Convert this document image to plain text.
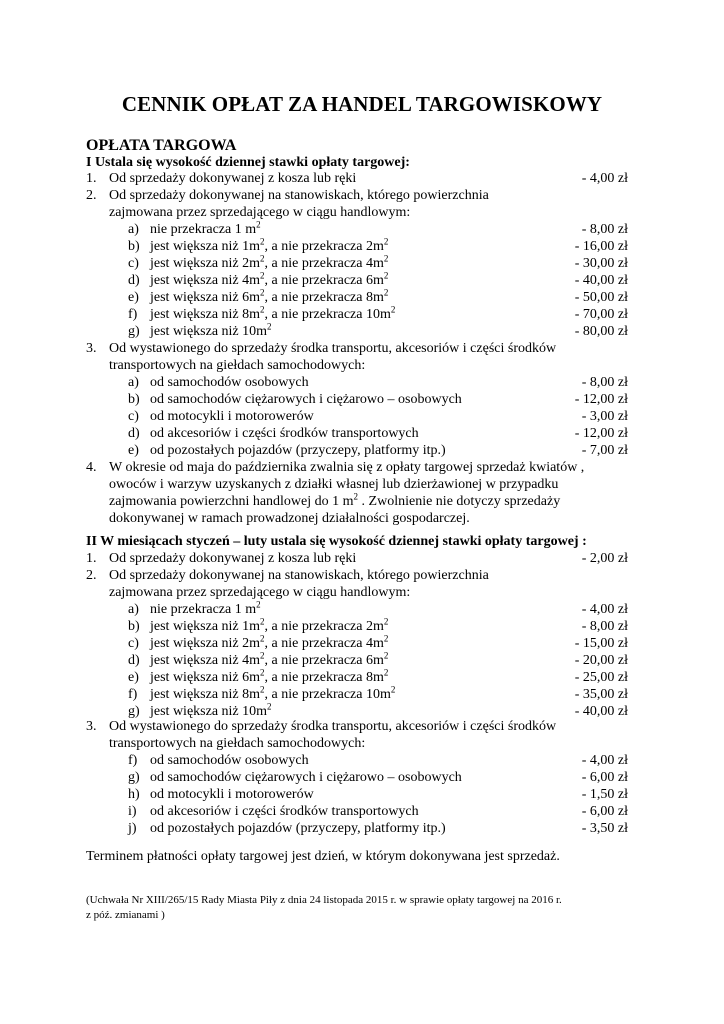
CENNIK OPŁAT ZA HANDEL TARGOWISKOWY
OPŁATA TARGOWA
I Ustala się wysokość dziennej stawki opłaty targowej:
1. Od sprzedaży dokonywanej z kosza lub ręki	- 4,00 zł
2. Od sprzedaży dokonywanej na stanowiskach, którego powierzchnia
zajmowana przez sprzedającego w ciągu handlowym:
a) nie przekracza 1 $m^2$	- 8,00 zł
b) jest większa niż $1m^2$, a nie przekracza $2m^2$	- 16,00 zł
c) jest większa niż $2m^2$, a nie przekracza $4m^2$	- 30,00 zł
d) jest większa niż $4m^2$, a nie przekracza $6m^2$	- 40,00 zł
e) jest większa niż $6m^2$, a nie przekracza $8m^2$	- 50,00 zł
f) jest większa niż $8m^2$, a nie przekracza $10m^2$	- 70,00 zł
g) jest większa niż $10m^2$	- 80,00 zł
3. Od wystawionego do sprzedaży środka transportu, akcesoriów i części środków
transportowych na giełdach samochodowych:
a) od samochodów osobowych	- 8,00 zł
b) od samochodów ciężarowych i ciężarowo – osobowych	- 12,00 zł
c) od motocykli i motorowerów	- 3,00 zł
d) od akcesoriów i części środków transportowych	- 12,00 zł
e) od pozostałych pojazdów (przyczepy, platformy itp.)	- 7,00 zł
4. W okresie od maja do października zwalnia się z opłaty targowej sprzedaż kwiatów ,
owoców i warzyw uzyskanych z działki własnej lub dzierżawionej w przypadku
zajmowania powierzchni handlowej do 1 $m^2$ . Zwolnienie nie dotyczy sprzedaży
dokonywanej w ramach prowadzonej działalności gospodarczej.
II W miesiącach styczeń – luty ustala się wysokość dziennej stawki opłaty targowej :
1. Od sprzedaży dokonywanej z kosza lub ręki	- 2,00 zł
2. Od sprzedaży dokonywanej na stanowiskach, którego powierzchnia
zajmowana przez sprzedającego w ciągu handlowym:
a) nie przekracza 1 $m^2$	- 4,00 zł
b) jest większa niż $1m^2$, a nie przekracza $2m^2$	- 8,00 zł
c) jest większa niż $2m^2$, a nie przekracza $4m^2$	- 15,00 zł
d) jest większa niż $4m^2$, a nie przekracza $6m^2$	- 20,00 zł
e) jest większa niż $6m^2$, a nie przekracza $8m^2$	- 25,00 zł
f) jest większa niż $8m^2$, a nie przekracza $10m^2$	- 35,00 zł
g) jest większa niż $10m^2$	- 40,00 zł
3. Od wystawionego do sprzedaży środka transportu, akcesoriów i części środków
transportowych na giełdach samochodowych:
f) od samochodów osobowych	- 4,00 zł
g) od samochodów ciężarowych i ciężarowo – osobowych	- 6,00 zł
h) od motocykli i motorowerów	- 1,50 zł
i) od akcesoriów i części środków transportowych	- 6,00 zł
j) od pozostałych pojazdów (przyczepy, platformy itp.)	- 3,50 zł
Terminem płatności opłaty targowej jest dzień, w którym dokonywana jest sprzedaż.
(Uchwała Nr XIII/265/15 Rady Miasta Piły z dnia 24 listopada 2015 r. w sprawie opłaty targowej na 2016 r.
z póź. zmianami )
